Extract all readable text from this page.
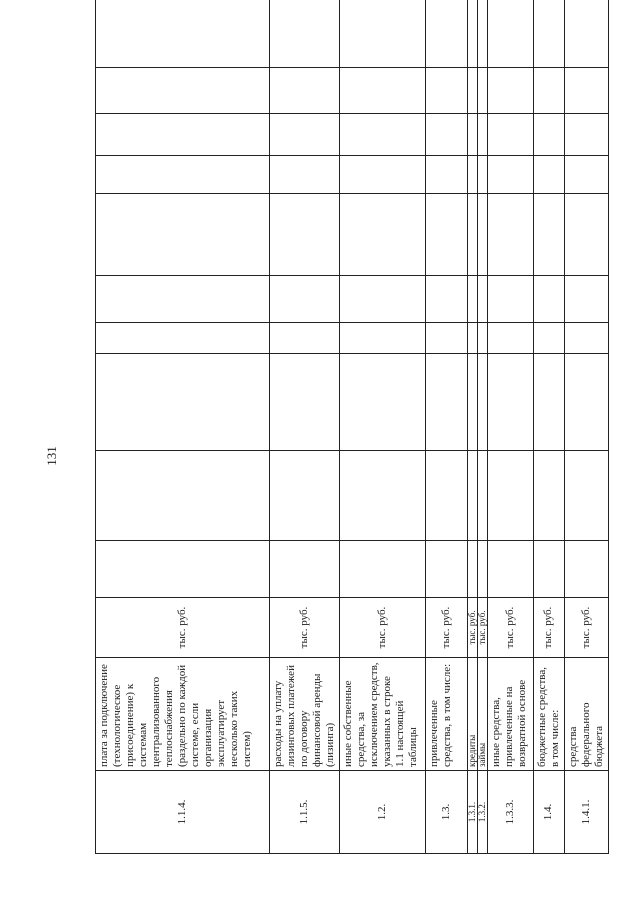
131
1.1.4.	плата за подключение (технологическое присоединение) к системам централизованного теплоснабжения (раздельно по каждой системе, если организация эксплуатирует несколько таких систем)	тыс. руб.										
1.1.5.	расходы на уплату лизинговых платежей по договору финансовой аренды (лизинга)	тыс. руб.										
1.2.	иные собственные средства, за исключением средств, указанных в строке 1.1 настоящей таблицы	тыс. руб.										
1.3.	привлеченные средства, в том числе:	тыс. руб.										
1.3.1.	кредиты	тыс. руб.										
1.3.2.	займы	тыс. руб.										
1.3.3.	иные средства, привлеченные на возвратной основе	тыс. руб.										
1.4.	бюджетные средства, в том числе:	тыс. руб.										
1.4.1.	средства федерального бюджета	тыс. руб.										
